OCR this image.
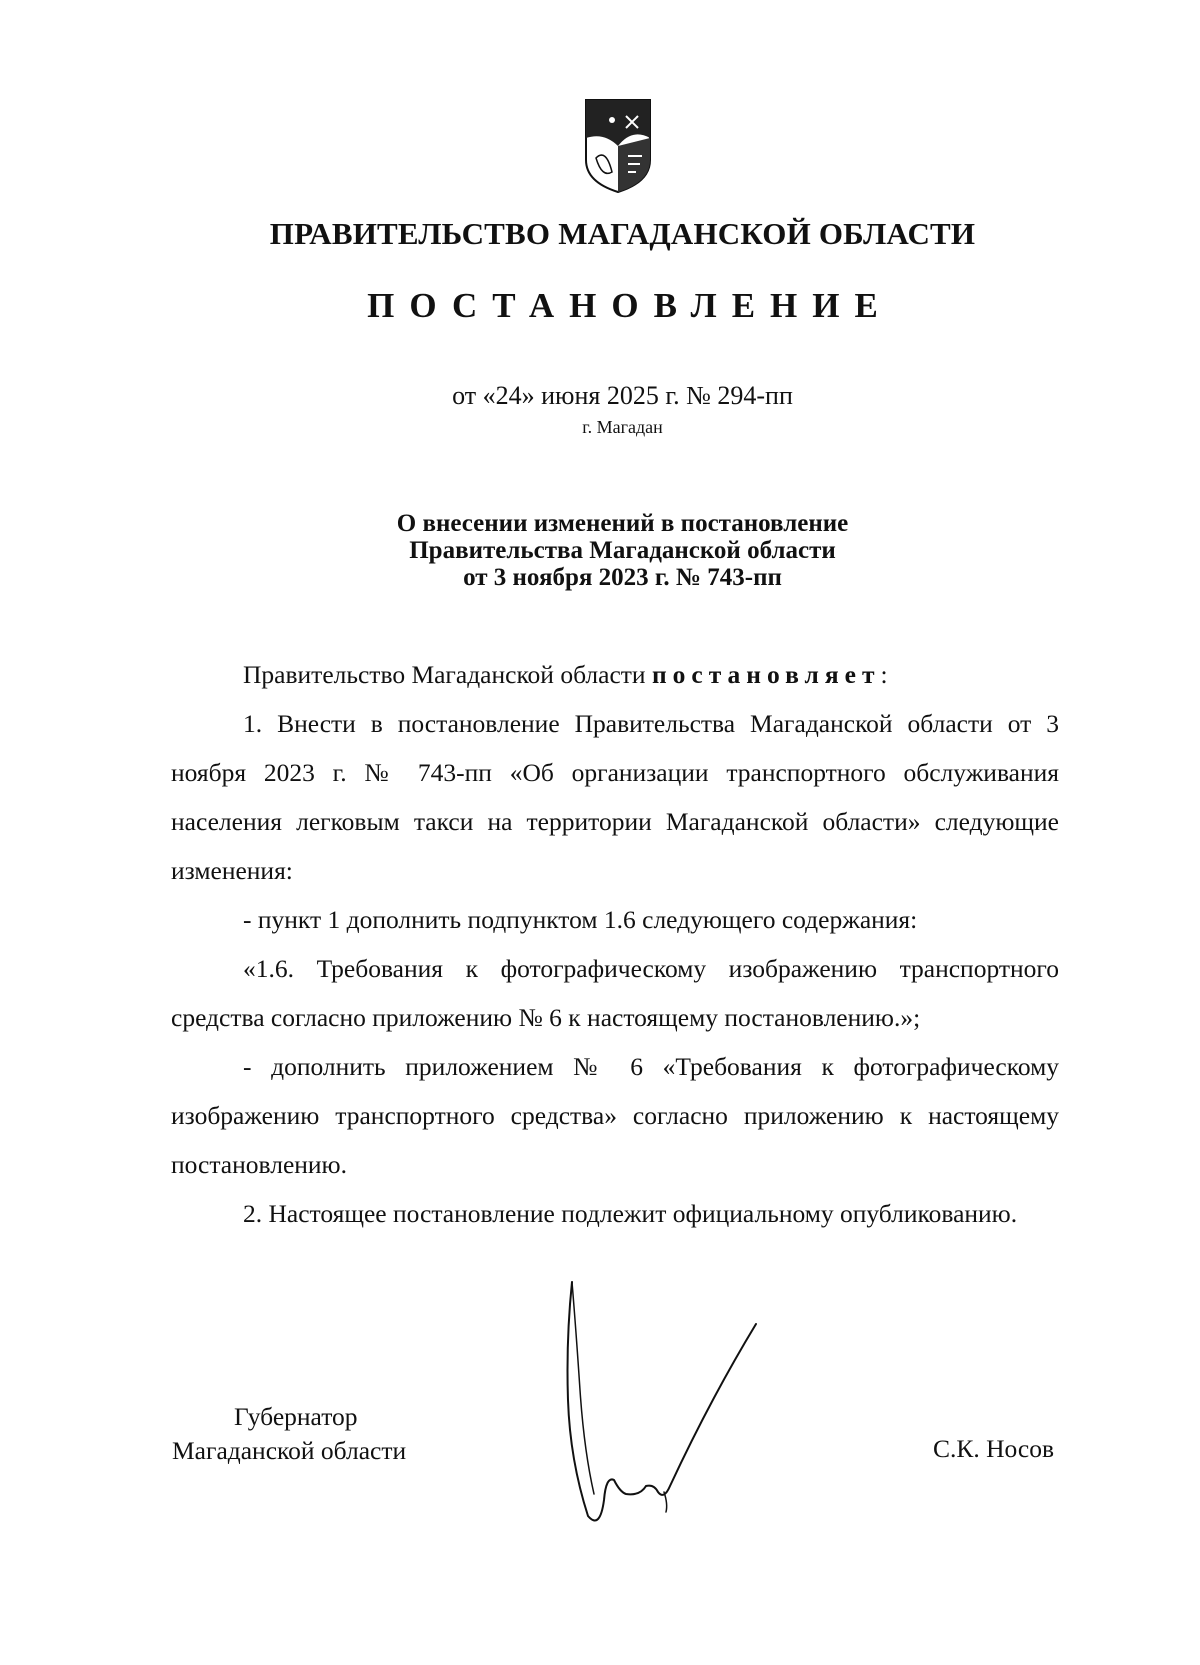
ПРАВИТЕЛЬСТВО МАГАДАНСКОЙ ОБЛАСТИ
ПОСТАНОВЛЕНИЕ
от «24» июня 2025 г. № 294-пп
г. Магадан
О внесении изменений в постановление
Правительства Магаданской области
от 3 ноября 2023 г. № 743-пп

Правительство Магаданской области постановляет:

1. Внести в постановление Правительства Магаданской области от 3 ноября 2023 г. № 743-пп «Об организации транспортного обслуживания населения легковым такси на территории Магаданской области» следующие изменения:

- пункт 1 дополнить подпунктом 1.6 следующего содержания:

«1.6. Требования к фотографическому изображению транспортного средства согласно приложению № 6 к настоящему постановлению.»;

- дополнить приложением № 6 «Требования к фотографическому изображению транспортного средства» согласно приложению к настоящему постановлению.

2. Настоящее постановление подлежит официальному опубликованию.

Губернатор
Магаданской области	С.К. Носов
